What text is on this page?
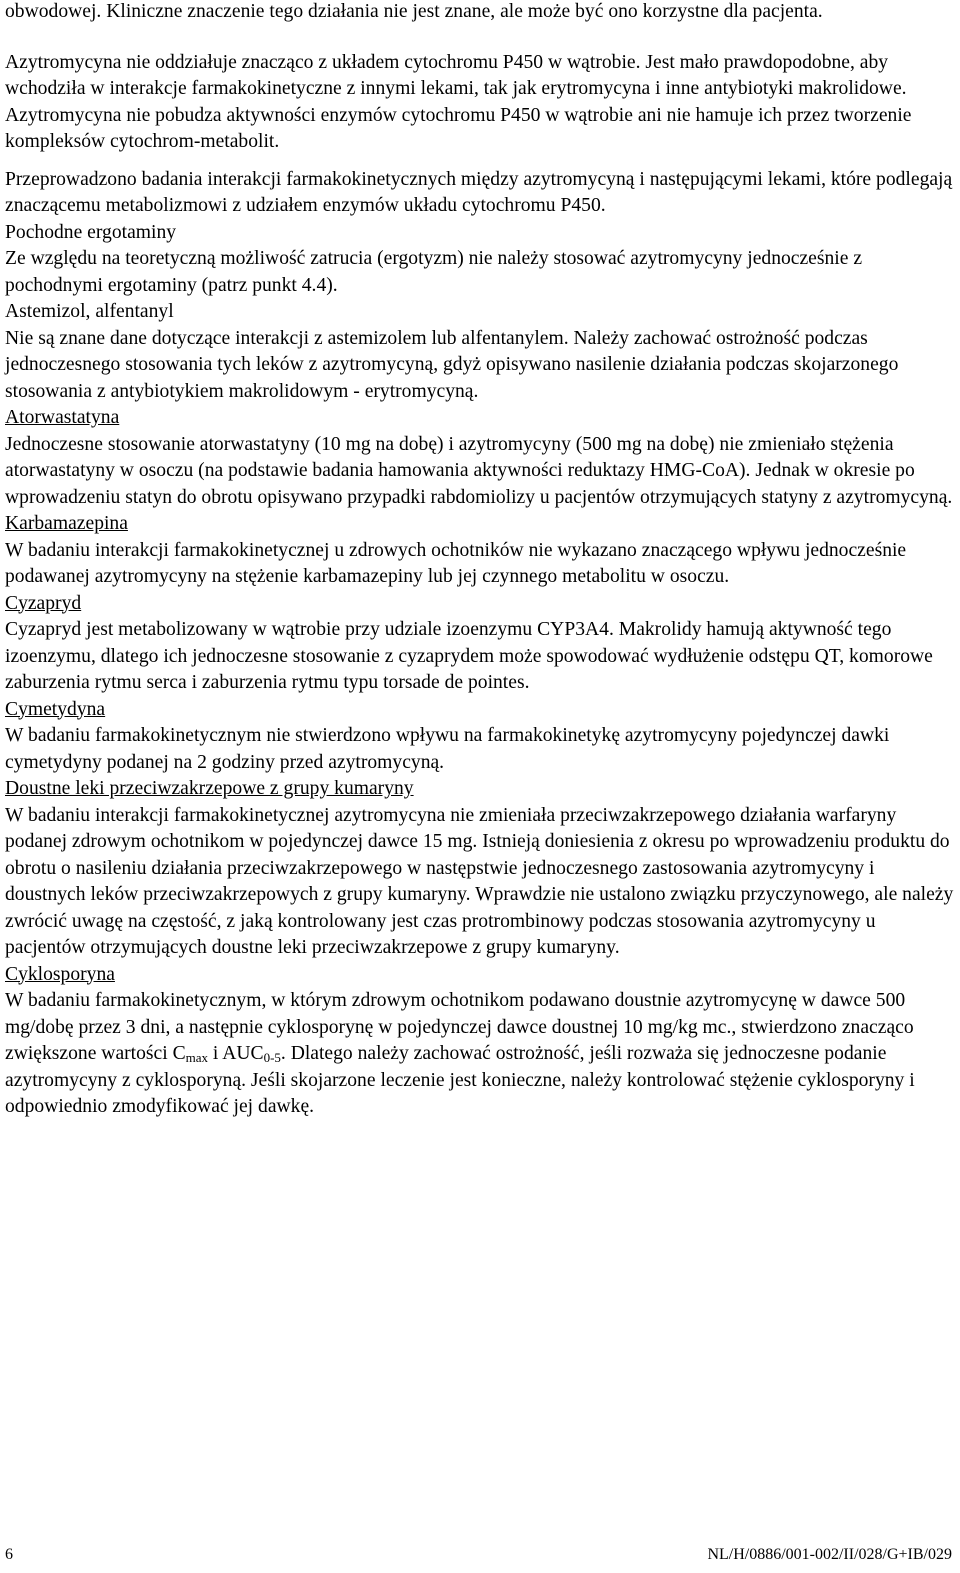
obwodowej. Kliniczne znaczenie tego działania nie jest znane, ale może być ono korzystne dla pacjenta.

Azytromycyna nie oddziałuje znacząco z układem cytochromu P450 w wątrobie. Jest mało prawdopodobne, aby wchodziła w interakcje farmakokinetyczne z innymi lekami, tak jak erytromycyna i inne antybiotyki makrolidowe. Azytromycyna nie pobudza aktywności enzymów cytochromu P450 w wątrobie ani nie hamuje ich przez tworzenie kompleksów cytochrom-metabolit.

Przeprowadzono badania interakcji farmakokinetycznych między azytromycyną i następującymi lekami, które podlegają znaczącemu metabolizmowi z udziałem enzymów układu cytochromu P450.

Pochodne ergotaminy

Ze względu na teoretyczną możliwość zatrucia (ergotyzm) nie należy stosować azytromycyny jednocześnie z pochodnymi ergotaminy (patrz punkt 4.4).

Astemizol, alfentanyl

Nie są znane dane dotyczące interakcji z astemizolem lub alfentanylem. Należy zachować ostrożność podczas jednoczesnego stosowania tych leków z azytromycyną, gdyż opisywano nasilenie działania podczas skojarzonego stosowania z antybiotykiem makrolidowym - erytromycyną.

Atorwastatyna

Jednoczesne stosowanie atorwastatyny (10 mg na dobę) i azytromycyny (500 mg na dobę) nie zmieniało stężenia atorwastatyny w osoczu (na podstawie badania hamowania aktywności reduktazy HMG-CoA). Jednak w okresie po wprowadzeniu statyn do obrotu opisywano przypadki rabdomiolizy u pacjentów otrzymujących statyny z azytromycyną.

Karbamazepina

W badaniu interakcji farmakokinetycznej u zdrowych ochotników nie wykazano znaczącego wpływu jednocześnie podawanej azytromycyny na stężenie karbamazepiny lub jej czynnego metabolitu w osoczu.

Cyzapryd

Cyzapryd jest metabolizowany w wątrobie przy udziale izoenzymu CYP3A4. Makrolidy hamują aktywność tego izoenzymu, dlatego ich jednoczesne stosowanie z cyzaprydem może spowodować wydłużenie odstępu QT, komorowe zaburzenia rytmu serca i zaburzenia rytmu typu torsade de pointes.

Cymetydyna

W badaniu farmakokinetycznym nie stwierdzono wpływu na farmakokinetykę azytromycyny pojedynczej dawki cymetydyny podanej na 2 godziny przed azytromycyną.

Doustne leki przeciwzakrzepowe z grupy kumaryny

W badaniu interakcji farmakokinetycznej azytromycyna nie zmieniała przeciwzakrzepowego działania warfaryny podanej zdrowym ochotnikom w pojedynczej dawce 15 mg. Istnieją doniesienia z okresu po wprowadzeniu produktu do obrotu o nasileniu działania przeciwzakrzepowego w następstwie jednoczesnego zastosowania azytromycyny i doustnych leków przeciwzakrzepowych z grupy kumaryny. Wprawdzie nie ustalono związku przyczynowego, ale należy zwrócić uwagę na częstość, z jaką kontrolowany jest czas protrombinowy podczas stosowania azytromycyny u pacjentów otrzymujących doustne leki przeciwzakrzepowe z grupy kumaryny.

Cyklosporyna

W badaniu farmakokinetycznym, w którym zdrowym ochotnikom podawano doustnie azytromycynę w dawce 500 mg/dobę przez 3 dni, a następnie cyklosporynę w pojedynczej dawce doustnej 10 mg/kg mc., stwierdzono znacząco zwiększone wartości $C_{max}$ i $AUC_{0-5}$. Dlatego należy zachować ostrożność, jeśli rozważa się jednoczesne podanie azytromycyny z cyklosporyną. Jeśli skojarzone leczenie jest konieczne, należy kontrolować stężenie cyklosporyny i odpowiednio zmodyfikować jej dawkę.

6	NL/H/0886/001-002/II/028/G+IB/029
